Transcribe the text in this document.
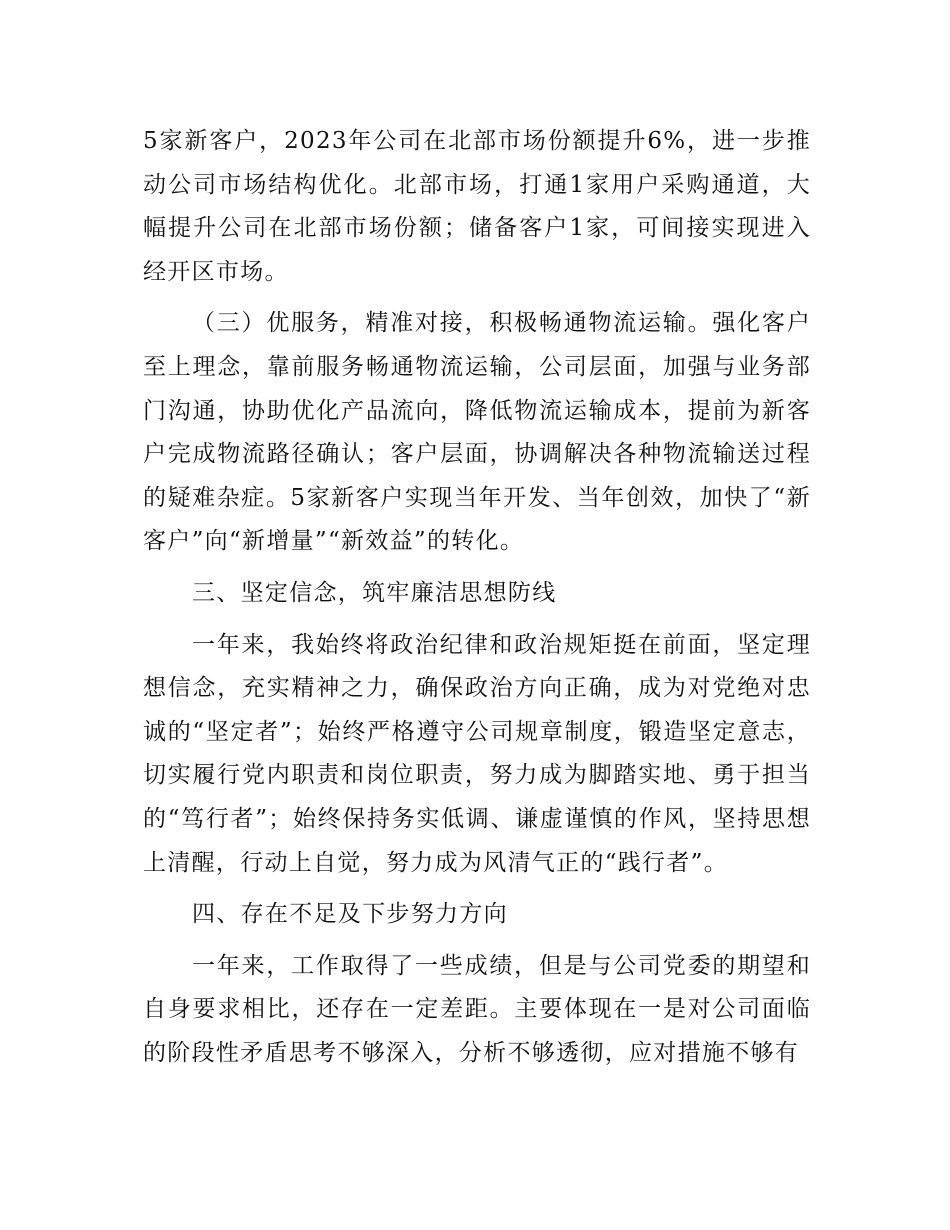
5家新客户，2023年公司在北部市场份额提升6%，进一步推动公司市场结构优化。北部市场，打通1家用户采购通道，大幅提升公司在北部市场份额；储备客户1家，可间接实现进入经开区市场。

（三）优服务，精准对接，积极畅通物流运输。强化客户至上理念，靠前服务畅通物流运输，公司层面，加强与业务部门沟通，协助优化产品流向，降低物流运输成本，提前为新客户完成物流路径确认；客户层面，协调解决各种物流输送过程的疑难杂症。5家新客户实现当年开发、当年创效，加快了“新客户”向“新增量”“新效益”的转化。

三、坚定信念，筑牢廉洁思想防线

一年来，我始终将政治纪律和政治规矩挺在前面，坚定理想信念，充实精神之力，确保政治方向正确，成为对党绝对忠诚的“坚定者”；始终严格遵守公司规章制度，锻造坚定意志，切实履行党内职责和岗位职责，努力成为脚踏实地、勇于担当的“笃行者”；始终保持务实低调、谦虚谨慎的作风，坚持思想上清醒，行动上自觉，努力成为风清气正的“践行者”。

四、存在不足及下步努力方向

一年来，工作取得了一些成绩，但是与公司党委的期望和自身要求相比，还存在一定差距。主要体现在一是对公司面临的阶段性矛盾思考不够深入，分析不够透彻，应对措施不够有
